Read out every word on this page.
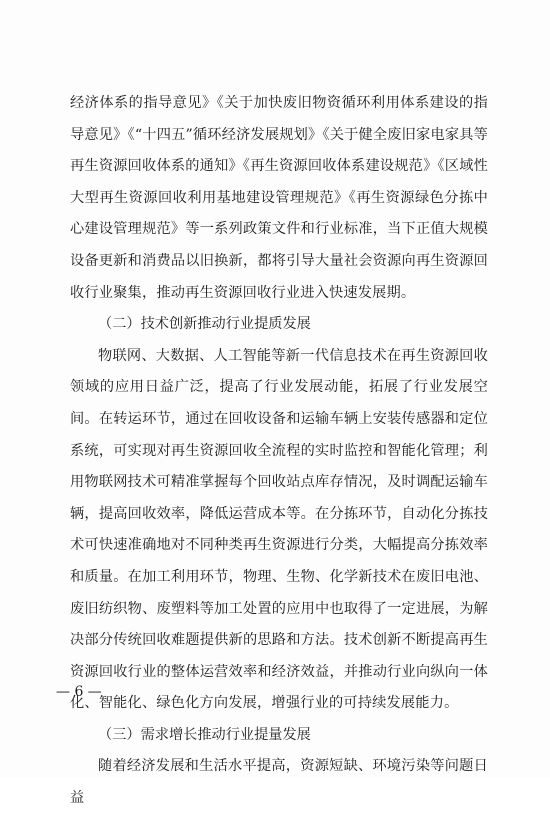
经济体系的指导意见》《关于加快废旧物资循环利用体系建设的指导意见》《“十四五”循环经济发展规划》《关于健全废旧家电家具等再生资源回收体系的通知》《再生资源回收体系建设规范》《区域性大型再生资源回收利用基地建设管理规范》《再生资源绿色分拣中心建设管理规范》等一系列政策文件和行业标准，当下正值大规模设备更新和消费品以旧换新，都将引导大量社会资源向再生资源回收行业聚集，推动再生资源回收行业进入快速发展期。

（二）技术创新推动行业提质发展

物联网、大数据、人工智能等新一代信息技术在再生资源回收领域的应用日益广泛，提高了行业发展动能，拓展了行业发展空间。在转运环节，通过在回收设备和运输车辆上安装传感器和定位系统，可实现对再生资源回收全流程的实时监控和智能化管理；利用物联网技术可精准掌握每个回收站点库存情况，及时调配运输车辆，提高回收效率，降低运营成本等。在分拣环节，自动化分拣技术可快速准确地对不同种类再生资源进行分类，大幅提高分拣效率和质量。在加工利用环节，物理、生物、化学新技术在废旧电池、废旧纺织物、废塑料等加工处置的应用中也取得了一定进展，为解决部分传统回收难题提供新的思路和方法。技术创新不断提高再生资源回收行业的整体运营效率和经济效益，并推动行业向纵向一体化、智能化、绿色化方向发展，增强行业的可持续发展能力。

（三）需求增长推动行业提量发展

随着经济发展和生活水平提高，资源短缺、环境污染等问题日益

— 6 —
